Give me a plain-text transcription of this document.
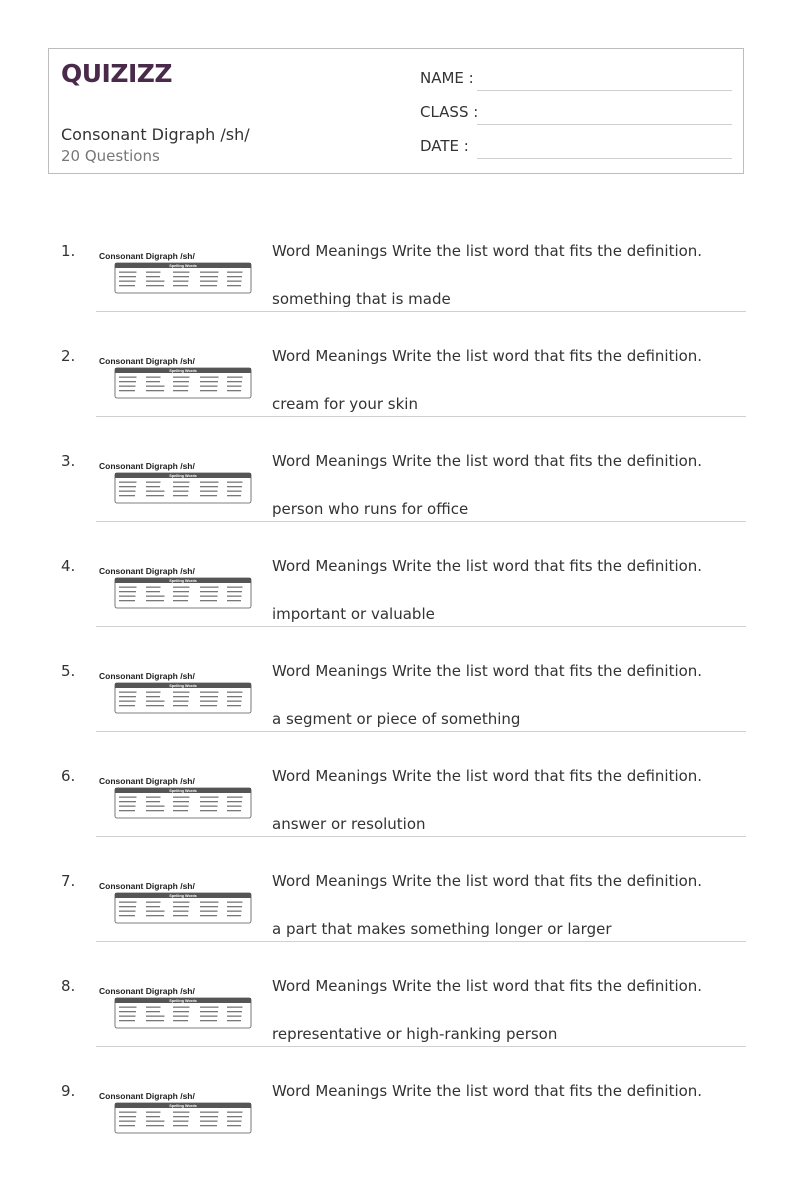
QUIZIZZ
Consonant Digraph /sh/
20 Questions
NAME :
CLASS :
DATE :
1.	Consonant Digraph /sh/
Spelling Words
Word Meanings Write the list word that fits the definition.
something that is made
2.	Consonant Digraph /sh/
Spelling Words
Word Meanings Write the list word that fits the definition.
cream for your skin
3.	Consonant Digraph /sh/
Spelling Words
Word Meanings Write the list word that fits the definition.
person who runs for office
4.	Consonant Digraph /sh/
Spelling Words
Word Meanings Write the list word that fits the definition.
important or valuable
5.	Consonant Digraph /sh/
Spelling Words
Word Meanings Write the list word that fits the definition.
a segment or piece of something
6.	Consonant Digraph /sh/
Spelling Words
Word Meanings Write the list word that fits the definition.
answer or resolution
7.	Consonant Digraph /sh/
Spelling Words
Word Meanings Write the list word that fits the definition.
a part that makes something longer or larger
8.	Consonant Digraph /sh/
Spelling Words
Word Meanings Write the list word that fits the definition.
representative or high-ranking person
9.	Consonant Digraph /sh/
Spelling Words
Word Meanings Write the list word that fits the definition.
